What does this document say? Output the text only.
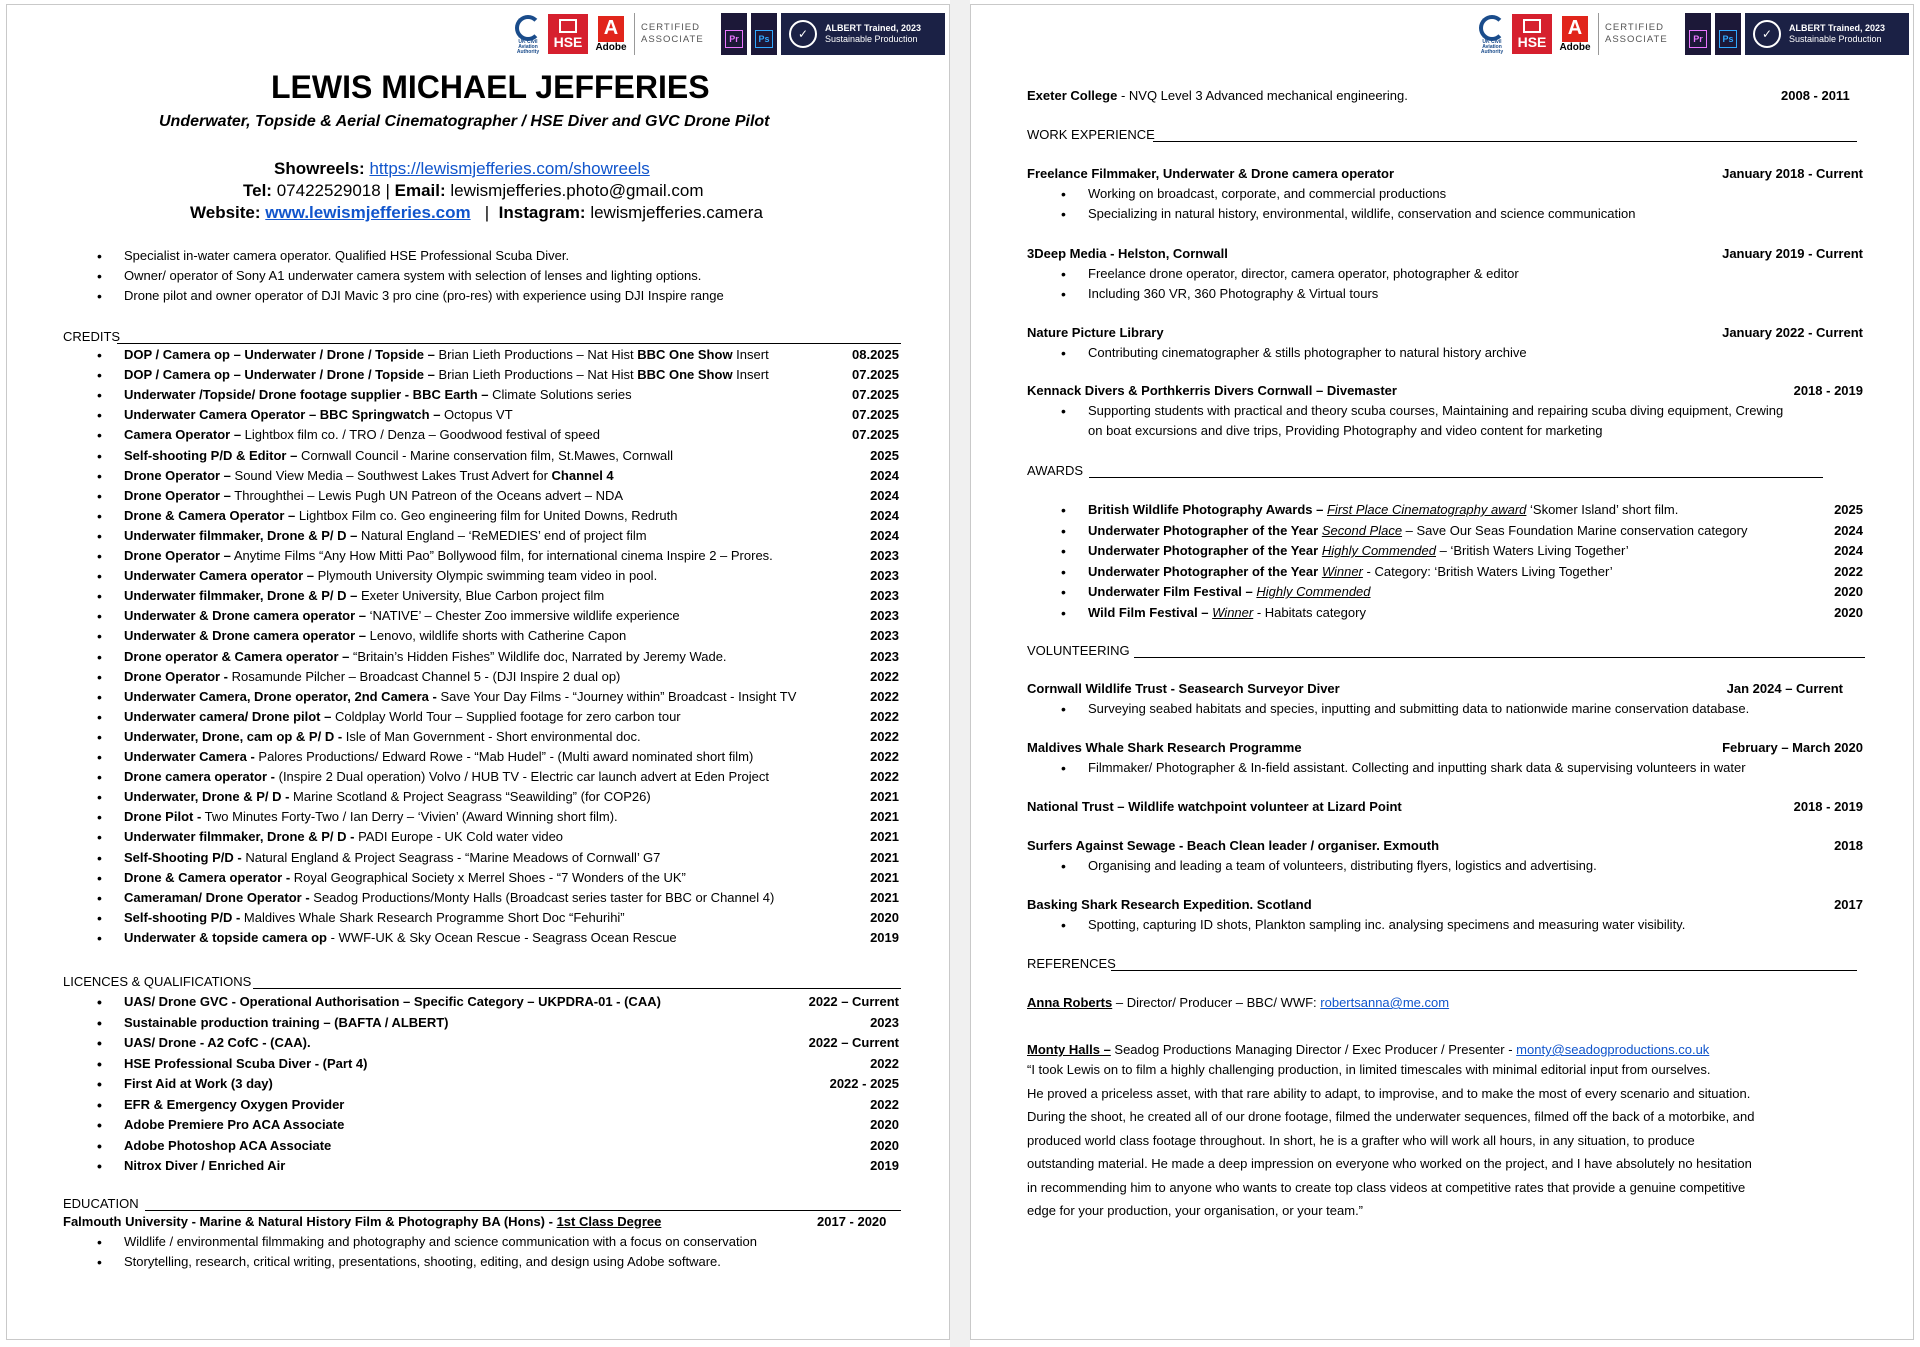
UK Civil Aviation Authority
HSE
A
Adobe
CERTIFIED
ASSOCIATE	Pr	Ps	✓	ALBERT Trained, 2023
Sustainable Production
LEWIS MICHAEL JEFFERIES
Underwater, Topside & Aerial Cinematographer / HSE Diver and GVC Drone Pilot
Showreels: https://lewismjefferies.com/showreels
Tel: 07422529018 | Email: lewismjefferies.photo@gmail.com
Website: www.lewismjefferies.com | Instagram: lewismjefferies.camera
• Specialist in-water camera operator. Qualified HSE Professional Scuba Diver.
• Owner/ operator of Sony A1 underwater camera system with selection of lenses and lighting options.
• Drone pilot and owner operator of DJI Mavic 3 pro cine (pro-res) with experience using DJI Inspire range
CREDITS
• DOP / Camera op – Underwater / Drone / Topside – Brian Lieth Productions – Nat Hist BBC One Show Insert	08.2025
• DOP / Camera op – Underwater / Drone / Topside – Brian Lieth Productions – Nat Hist BBC One Show Insert	07.2025
• Underwater /Topside/ Drone footage supplier - BBC Earth – Climate Solutions series	07.2025
• Underwater Camera Operator – BBC Springwatch – Octopus VT	07.2025
• Camera Operator – Lightbox film co. / TRO / Denza – Goodwood festival of speed	07.2025
• Self-shooting P/D & Editor – Cornwall Council - Marine conservation film, St.Mawes, Cornwall	2025
• Drone Operator – Sound View Media – Southwest Lakes Trust Advert for Channel 4	2024
• Drone Operator – Throughthei – Lewis Pugh UN Patreon of the Oceans advert – NDA	2024
• Drone & Camera Operator – Lightbox Film co. Geo engineering film for United Downs, Redruth	2024
• Underwater filmmaker, Drone & P/ D – Natural England – ‘ReMEDIES’ end of project film	2024
• Drone Operator – Anytime Films “Any How Mitti Pao” Bollywood film, for international cinema Inspire 2 – Prores.	2023
• Underwater Camera operator – Plymouth University Olympic swimming team video in pool.	2023
• Underwater filmmaker, Drone & P/ D – Exeter University, Blue Carbon project film	2023
• Underwater & Drone camera operator – ‘NATIVE’ – Chester Zoo immersive wildlife experience	2023
• Underwater & Drone camera operator – Lenovo, wildlife shorts with Catherine Capon	2023
• Drone operator & Camera operator – “Britain’s Hidden Fishes” Wildlife doc, Narrated by Jeremy Wade.	2023
• Drone Operator - Rosamunde Pilcher – Broadcast Channel 5 - (DJI Inspire 2 dual op)	2022
• Underwater Camera, Drone operator, 2nd Camera - Save Your Day Films - “Journey within” Broadcast - Insight TV	2022
• Underwater camera/ Drone pilot – Coldplay World Tour – Supplied footage for zero carbon tour	2022
• Underwater, Drone, cam op & P/ D - Isle of Man Government - Short environmental doc.	2022
• Underwater Camera - Palores Productions/ Edward Rowe - “Mab Hudel” - (Multi award nominated short film)	2022
• Drone camera operator - (Inspire 2 Dual operation) Volvo / HUB TV - Electric car launch advert at Eden Project	2022
• Underwater, Drone & P/ D - Marine Scotland & Project Seagrass “Seawilding” (for COP26)	2021
• Drone Pilot - Two Minutes Forty-Two / Ian Derry – ‘Vivien’ (Award Winning short film).	2021
• Underwater filmmaker, Drone & P/ D - PADI Europe - UK Cold water video	2021
• Self-Shooting P/D - Natural England & Project Seagrass - “Marine Meadows of Cornwall’ G7	2021
• Drone & Camera operator - Royal Geographical Society x Merrel Shoes - “7 Wonders of the UK”	2021
• Cameraman/ Drone Operator - Seadog Productions/Monty Halls (Broadcast series taster for BBC or Channel 4)	2021
• Self-shooting P/D - Maldives Whale Shark Research Programme Short Doc “Fehurihi”	2020
• Underwater & topside camera op - WWF-UK & Sky Ocean Rescue - Seagrass Ocean Rescue	2019
LICENCES & QUALIFICATIONS
• UAS/ Drone GVC - Operational Authorisation – Specific Category – UKPDRA-01 - (CAA)	2022 – Current
• Sustainable production training – (BAFTA / ALBERT)	2023
• UAS/ Drone - A2 CofC - (CAA).	2022 – Current
• HSE Professional Scuba Diver - (Part 4)	2022
• First Aid at Work (3 day)	2022 - 2025
• EFR & Emergency Oxygen Provider	2022
• Adobe Premiere Pro ACA Associate	2020
• Adobe Photoshop ACA Associate	2020
• Nitrox Diver / Enriched Air	2019
EDUCATION
Falmouth University - Marine & Natural History Film & Photography BA (Hons) - 1st Class Degree	2017 - 2020
• Wildlife / environmental filmmaking and photography and science communication with a focus on conservation
• Storytelling, research, critical writing, presentations, shooting, editing, and design using Adobe software.
UK Civil Aviation Authority
HSE
A
Adobe
CERTIFIED
ASSOCIATE	Pr	Ps	✓	ALBERT Trained, 2023
Sustainable Production
Exeter College - NVQ Level 3 Advanced mechanical engineering.	2008 - 2011
WORK EXPERIENCE
Freelance Filmmaker, Underwater & Drone camera operator	January 2018 - Current
• Working on broadcast, corporate, and commercial productions
• Specializing in natural history, environmental, wildlife, conservation and science communication
3Deep Media - Helston, Cornwall	January 2019 - Current
• Freelance drone operator, director, camera operator, photographer & editor
• Including 360 VR, 360 Photography & Virtual tours
Nature Picture Library	January 2022 - Current
• Contributing cinematographer & stills photographer to natural history archive
Kennack Divers & Porthkerris Divers Cornwall – Divemaster	2018 - 2019
• Supporting students with practical and theory scuba courses, Maintaining and repairing scuba diving equipment, Crewing
on boat excursions and dive trips, Providing Photography and video content for marketing
AWARDS
• British Wildlife Photography Awards – First Place Cinematography award ‘Skomer Island’ short film.	2025
• Underwater Photographer of the Year Second Place – Save Our Seas Foundation Marine conservation category	2024
• Underwater Photographer of the Year Highly Commended – ‘British Waters Living Together’	2024
• Underwater Photographer of the Year Winner - Category: ‘British Waters Living Together’	2022
• Underwater Film Festival – Highly Commended	2020
• Wild Film Festival – Winner - Habitats category	2020
VOLUNTEERING
Cornwall Wildlife Trust - Seasearch Surveyor Diver	Jan 2024 – Current
• Surveying seabed habitats and species, inputting and submitting data to nationwide marine conservation database.
Maldives Whale Shark Research Programme	February – March 2020
• Filmmaker/ Photographer & In-field assistant. Collecting and inputting shark data & supervising volunteers in water
National Trust – Wildlife watchpoint volunteer at Lizard Point	2018 - 2019
Surfers Against Sewage - Beach Clean leader / organiser. Exmouth	2018
• Organising and leading a team of volunteers, distributing flyers, logistics and advertising.
Basking Shark Research Expedition. Scotland	2017
• Spotting, capturing ID shots, Plankton sampling inc. analysing specimens and measuring water visibility.
REFERENCES
Anna Roberts – Director/ Producer – BBC/ WWF: robertsanna@me.com
Monty Halls – Seadog Productions Managing Director / Exec Producer / Presenter - monty@seadogproductions.co.uk
“I took Lewis on to film a highly challenging production, in limited timescales with minimal editorial input from ourselves.
He proved a priceless asset, with that rare ability to adapt, to improvise, and to make the most of every scenario and situation.
During the shoot, he created all of our drone footage, filmed the underwater sequences, filmed off the back of a motorbike, and
produced world class footage throughout. In short, he is a grafter who will work all hours, in any situation, to produce
outstanding material. He made a deep impression on everyone who worked on the project, and I have absolutely no hesitation
in recommending him to anyone who wants to create top class videos at competitive rates that provide a genuine competitive
edge for your production, your organisation, or your team.”
